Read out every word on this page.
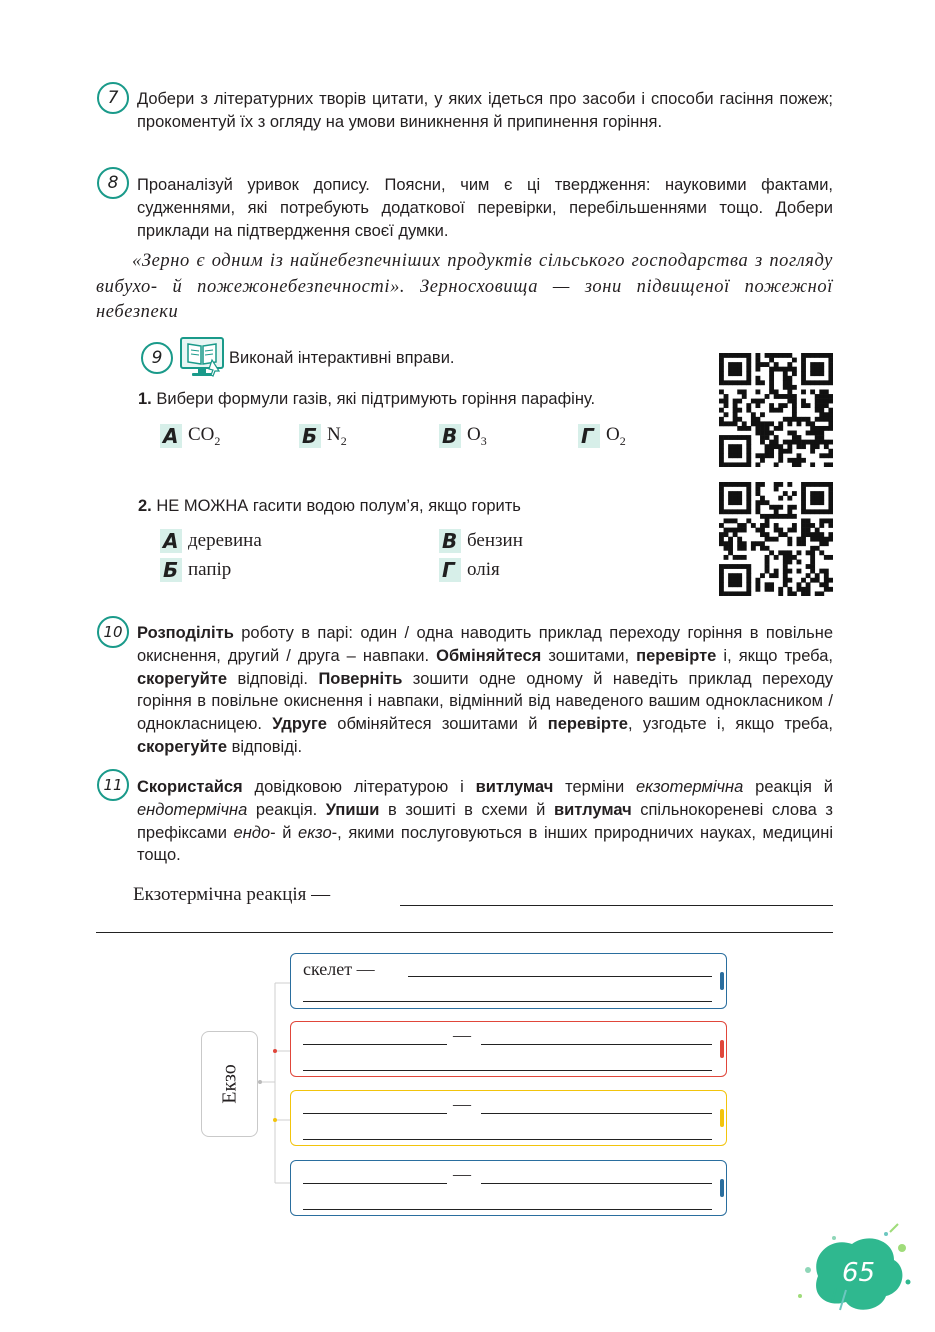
7	Добери з літературних творів цитати, у яких ідеться про засоби і способи гасіння пожеж; прокоментуй їх з огляду на умови виникнення й припинення горіння.
8	Проаналізуй уривок допису. Поясни, чим є ці твердження: науковими фактами, судженнями, які потребують додаткової перевірки, перебільшеннями тощо. Добери приклади на підтвердження своєї думки.
«Зерно є одним із найнебезпечніших продуктів сільського господарства з погляду вибухо- й пожежонебезпечності». Зерносховища — зони підвищеної пожежної небезпеки
9	Виконай інтерактивні вправи.
1. Вибери формули газів, які підтримують горіння парафіну.
А $CO_2$	Б $N_2$	В $O_3$	Г $O_2$
2. НЕ МОЖНА гасити водою полум’я, якщо горить
А деревина	В бензин
Б папір	Г олія
10 Розподіліть роботу в парі: один / одна наводить приклад переходу горіння в повільне окиснення, другий / друга – навпаки. Обміняйтеся зошитами, перевірте і, якщо треба, скорегуйте відповіді. Поверніть зошити одне одному й наведіть приклад переходу горіння в повільне окиснення і навпаки, відмінний від наведеного вашим однокласником / однокласницею. Удруге обміняйтеся зошитами й перевірте, узгодьте і, якщо треба, скорегуйте відповіді.
11 Скористайся довідковою літературою і витлумач терміни екзотермічна реакція й ендотермічна реакція. Упиши в зошиті в схеми й витлумач спільнокореневі слова з префіксами ендо- й екзо-, якими послуговуються в інших природничих науках, медицині тощо.
Екзотермічна реакція —
Екзо
скелет —
—
—
—
65
